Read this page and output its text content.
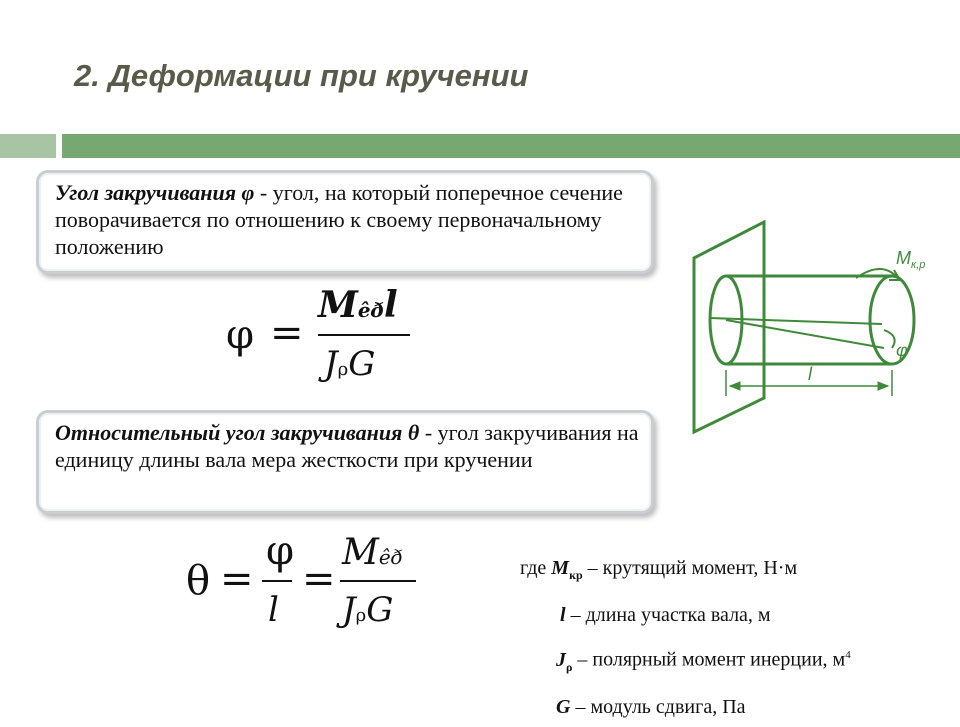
2. Деформации при кручении
Угол закручивания φ - угол, на который поперечное сечение поворачивается по отношению к своему первоначальному положению
φ =
Mêðl
JρG
Относительный угол закручивания θ - угол закручивания на единицу длины вала мера жесткости при кручении
θ =
φ
l
=
Mêð
JρG
где $M_{кр}$ – крутящий момент, Н·м
l – длина участка вала, м
$J_\rho$ – полярный момент инерции, $м^4$
G – модуль сдвига, Па
$M_{к,р}$
φ
l
